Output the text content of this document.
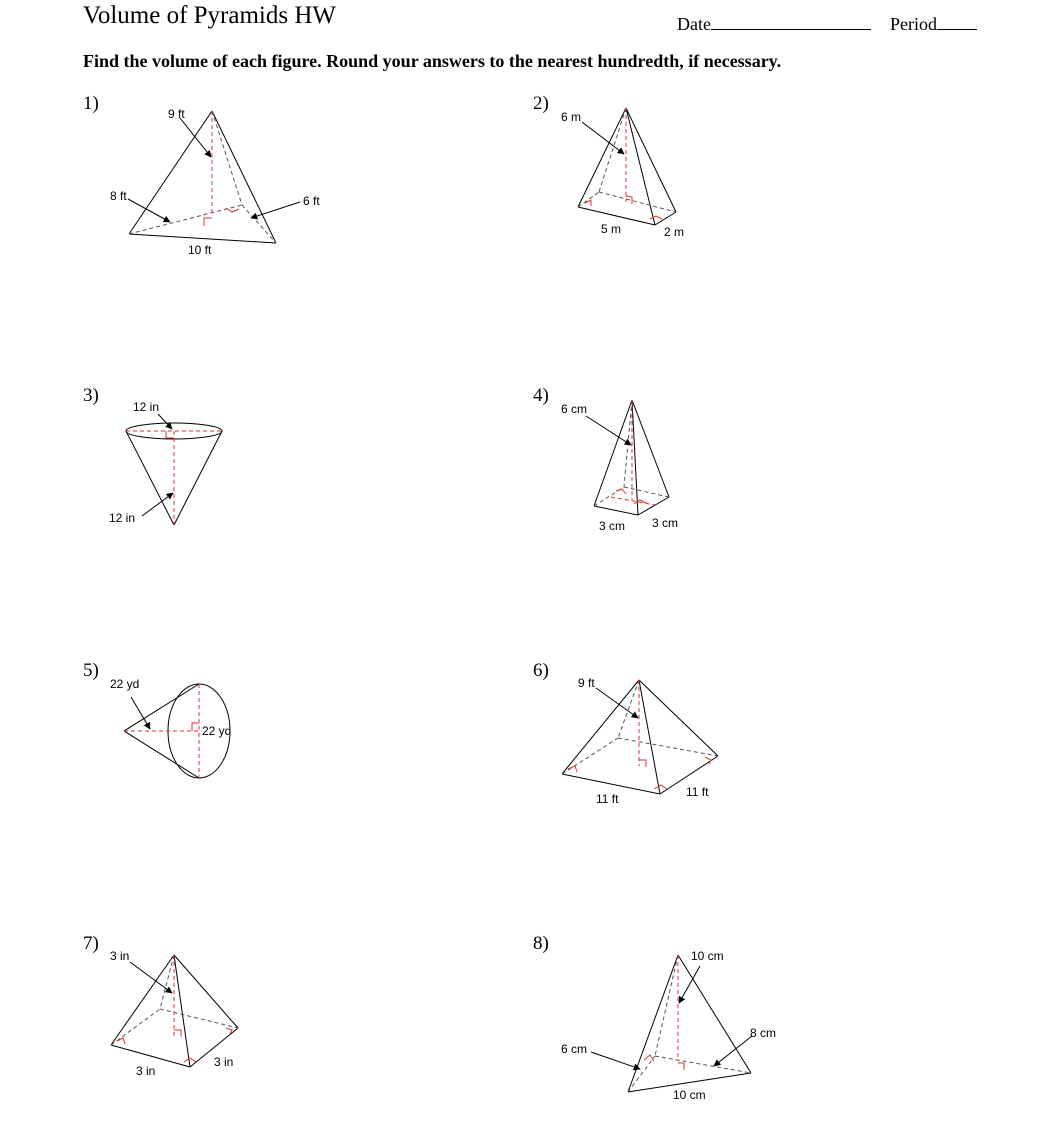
Volume of Pyramids HW	Date	Period
Find the volume of each figure. Round your answers to the nearest hundredth, if necessary.
1)	2)
3)	4)
5)	6)
7)	8)
9 ft
8 ft	6 ft
10 ft
6 m
5 m	2 m
12 in
12 in
6 cm
3 cm 3 cm
22 yd
22 yd
9 ft
11 ft	11 ft
3 in
3 in
3 in
10 cm
8 cm
6 cm
10 cm
